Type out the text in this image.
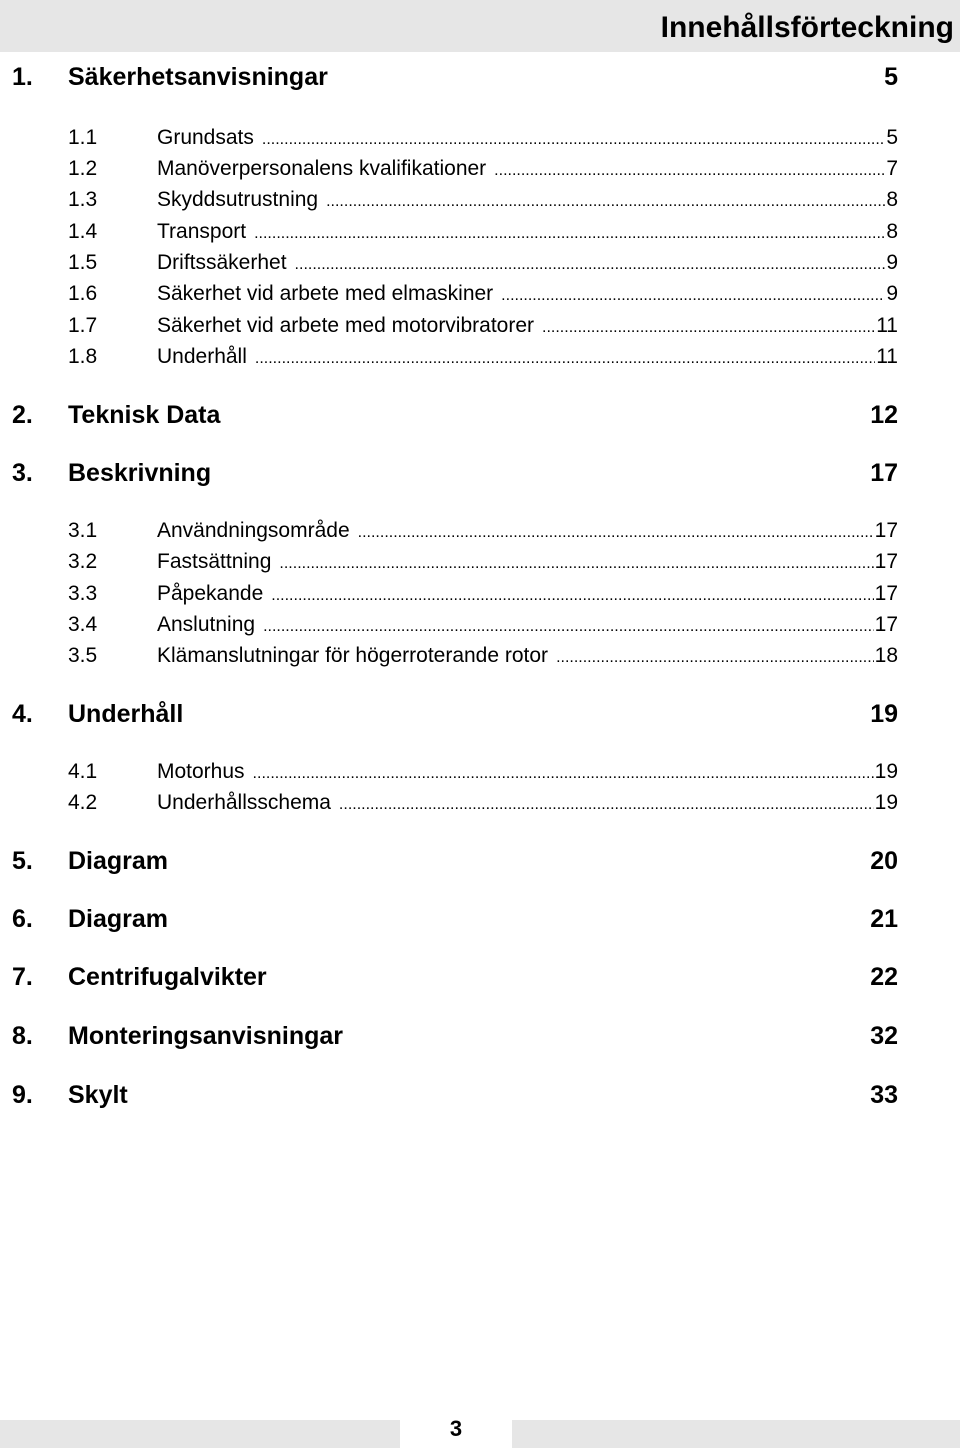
Innehållsförteckning
1. Säkerhetsanvisningar	5
1.1	Grundsats .....	5
1.2	Manöverpersonalens kvalifikationer .....	7
1.3	Skyddsutrustning .....	8
1.4	Transport .....	8
1.5	Driftssäkerhet .....	9
1.6	Säkerhet vid arbete med elmaskiner .....	9
1.7	Säkerhet vid arbete med motorvibratorer .....	11
1.8	Underhåll .....	11
2. Teknisk Data	12
3. Beskrivning	17
3.1	Användningsområde .....	17
3.2	Fastsättning .....	17
3.3	Påpekande .....	17
3.4	Anslutning .....	17
3.5	Klämanslutningar för högerroterande rotor .....	18
4. Underhåll	19
4.1	Motorhus .....	19
4.2	Underhållsschema .....	19
5. Diagram	20
6. Diagram	21
7. Centrifugalvikter	22
8. Monteringsanvisningar	32
9. Skylt	33
3
